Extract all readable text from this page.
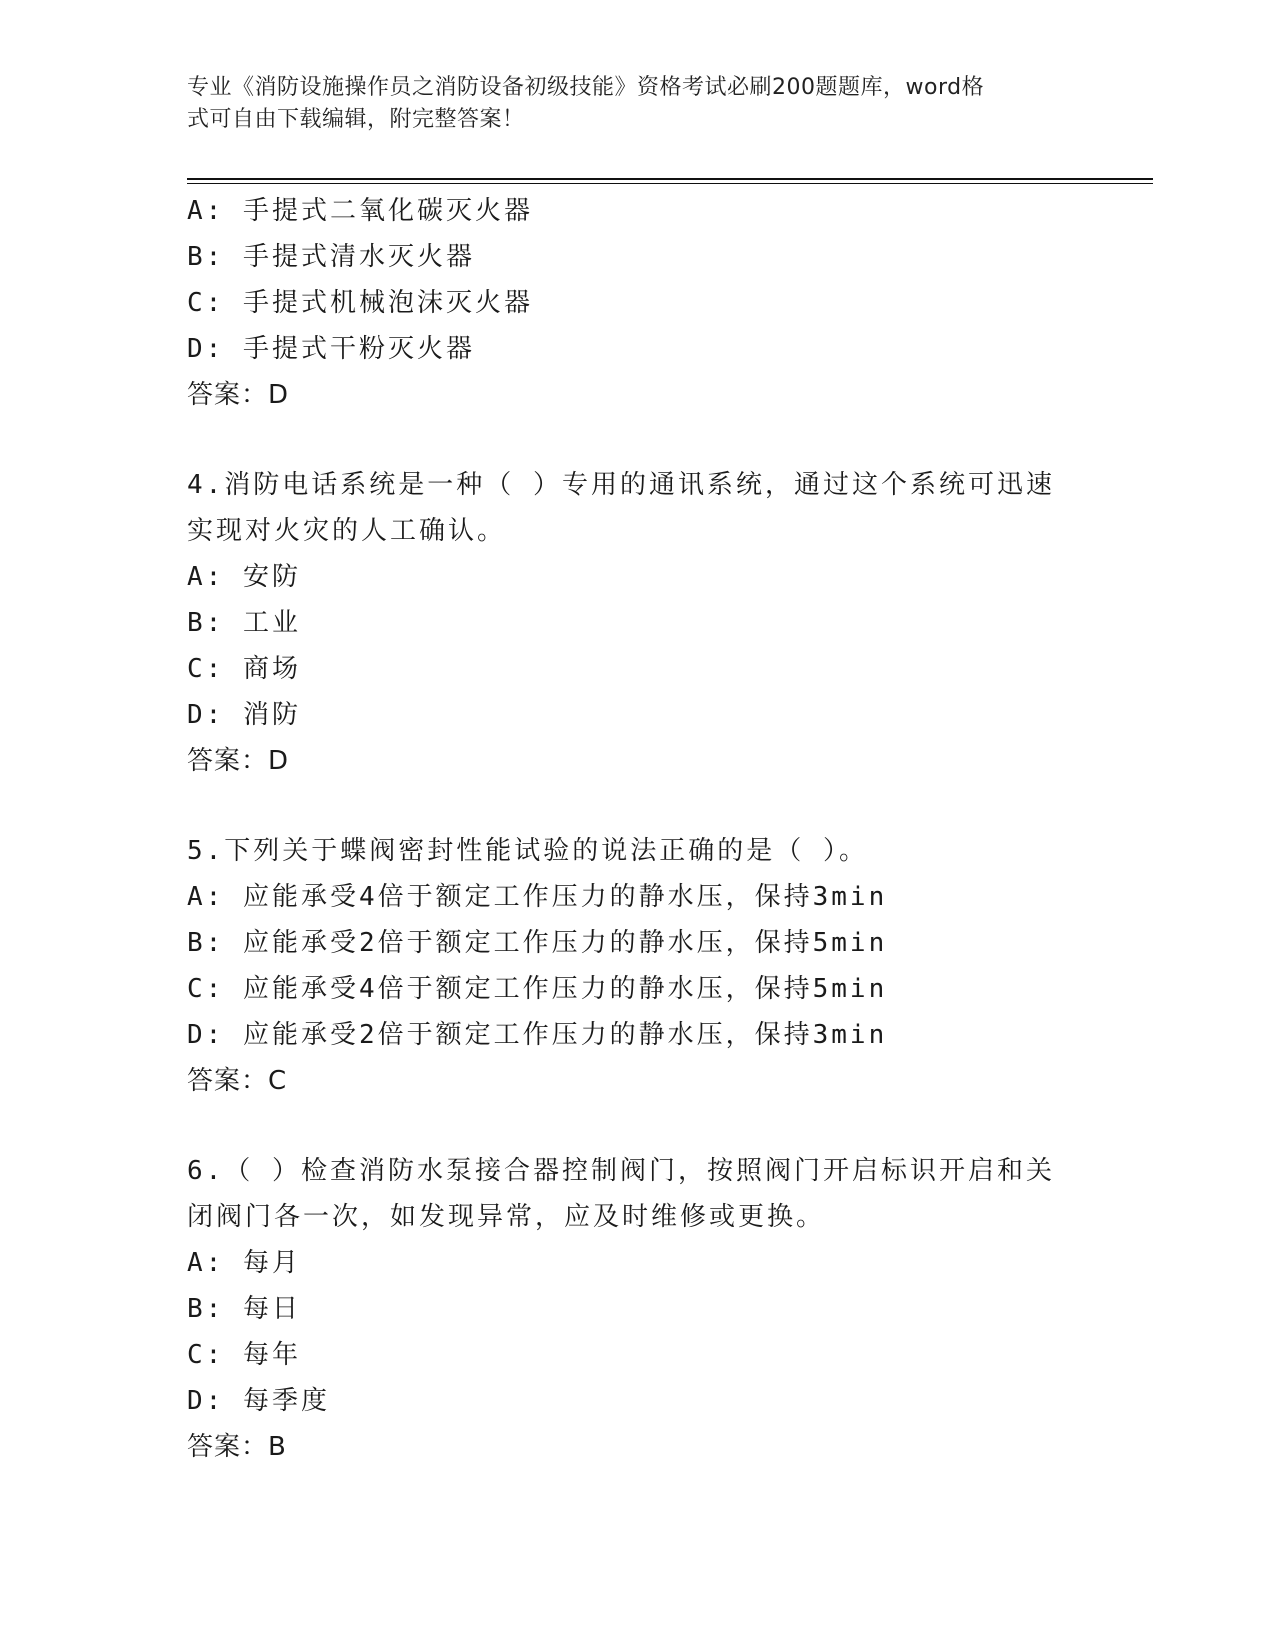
专业《消防设施操作员之消防设备初级技能》资格考试必刷200题题库，word格
式可自由下载编辑，附完整答案！
A: 手提式二氧化碳灭火器
B: 手提式清水灭火器
C: 手提式机械泡沫灭火器
D: 手提式干粉灭火器
答案：D
4.消防电话系统是一种（ ）专用的通讯系统，通过这个系统可迅速
实现对火灾的人工确认。
A: 安防
B: 工业
C: 商场
D: 消防
答案：D
5.下列关于蝶阀密封性能试验的说法正确的是（ ）。
A: 应能承受4倍于额定工作压力的静水压，保持3min
B: 应能承受2倍于额定工作压力的静水压，保持5min
C: 应能承受4倍于额定工作压力的静水压，保持5min
D: 应能承受2倍于额定工作压力的静水压，保持3min
答案：C
6.（ ）检查消防水泵接合器控制阀门，按照阀门开启标识开启和关
闭阀门各一次，如发现异常，应及时维修或更换。
A: 每月
B: 每日
C: 每年
D: 每季度
答案：B
